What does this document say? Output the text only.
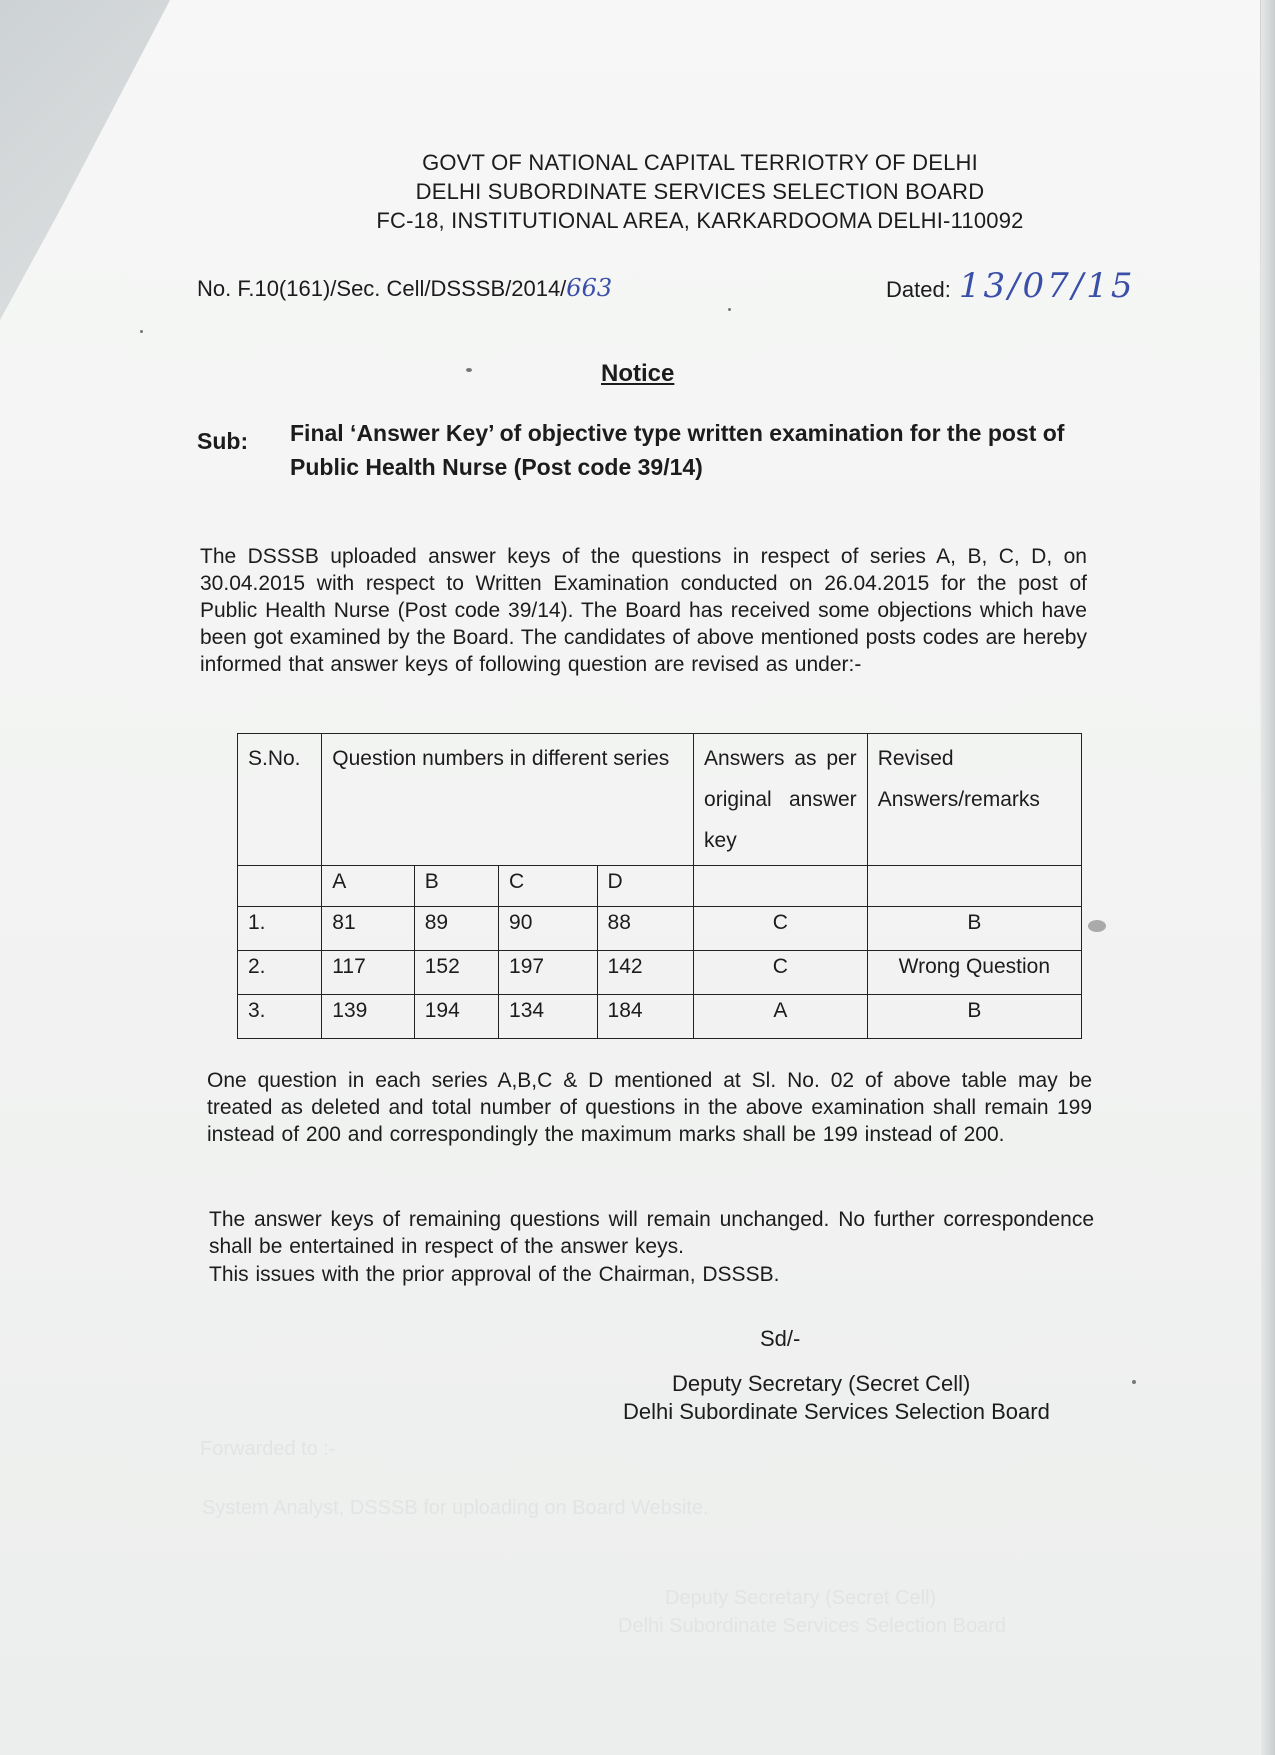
GOVT OF NATIONAL CAPITAL TERRIOTRY OF DELHI
DELHI SUBORDINATE SERVICES SELECTION BOARD
FC-18, INSTITUTIONAL AREA, KARKARDOOMA DELHI-110092
No. F.10(161)/Sec. Cell/DSSSB/2014/663	Dated: 13/07/15
Notice
Sub: Final ‘Answer Key’ of objective type written examination for the post of Public Health Nurse (Post code 39/14)
The DSSSB uploaded answer keys of the questions in respect of series A, B, C, D, on 30.04.2015 with respect to Written Examination conducted on 26.04.2015 for the post of Public Health Nurse (Post code 39/14). The Board has received some objections which have been got examined by the Board. The candidates of above mentioned posts codes are hereby informed that answer keys of following question are revised as under:-
S.No.	Question numbers in different series				Answers as per original answer key	Revised Answers/remarks
	A	B	C	D		
1.	81	89	90	88	C	B
2.	117	152	197	142	C	Wrong Question
3.	139	194	134	184	A	B
One question in each series A,B,C & D mentioned at Sl. No. 02 of above table may be treated as deleted and total number of questions in the above examination shall remain 199 instead of 200 and correspondingly the maximum marks shall be 199 instead of 200.
The answer keys of remaining questions will remain unchanged. No further correspondence shall be entertained in respect of the answer keys.
This issues with the prior approval of the Chairman, DSSSB.
Sd/-
Deputy Secretary (Secret Cell)
Delhi Subordinate Services Selection Board
Forwarded to :-
System Analyst, DSSSB for uploading on Board Website.
Deputy Secretary (Secret Cell)
Delhi Subordinate Services Selection Board
